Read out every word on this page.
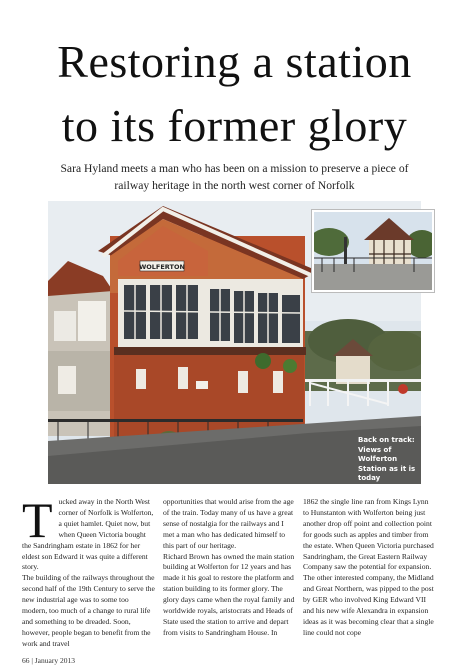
Restoring a station
to its former glory

Sara Hyland meets a man who has been on a mission to preserve a piece of railway heritage in the north west corner of Norfolk

WOLFERTON
Back on track:
Views of Wolferton Station as it is today

Tucked away in the North West corner of Norfolk is Wolferton, a quiet hamlet. Quiet now, but when Queen Victoria bought the Sandringham estate in 1862 for her eldest son Edward it was quite a different story.

The building of the railways throughout the second half of the 19th Century to serve the new industrial age was to some too modern, too much of a change to rural life and something to be dreaded. Soon, however, people began to benefit from the work and travel

opportunities that would arise from the age of the train. Today many of us have a great sense of nostalgia for the railways and I met a man who has dedicated himself to this part of our heritage.

Richard Brown has owned the main station building at Wolferton for 12 years and has made it his goal to restore the platform and station building to its former glory. The glory days came when the royal family and worldwide royals, aristocrats and Heads of State used the station to arrive and depart from visits to Sandringham House. In

1862 the single line ran from Kings Lynn to Hunstanton with Wolferton being just another drop off point and collection point for goods such as apples and timber from the estate. When Queen Victoria purchased Sandringham, the Great Eastern Railway Company saw the potential for expansion. The other interested company, the Midland and Great Northern, was pipped to the post by GER who involved King Edward VII and his new wife Alexandra in expansion ideas as it was becoming clear that a single line could not cope

66 | January 2013
